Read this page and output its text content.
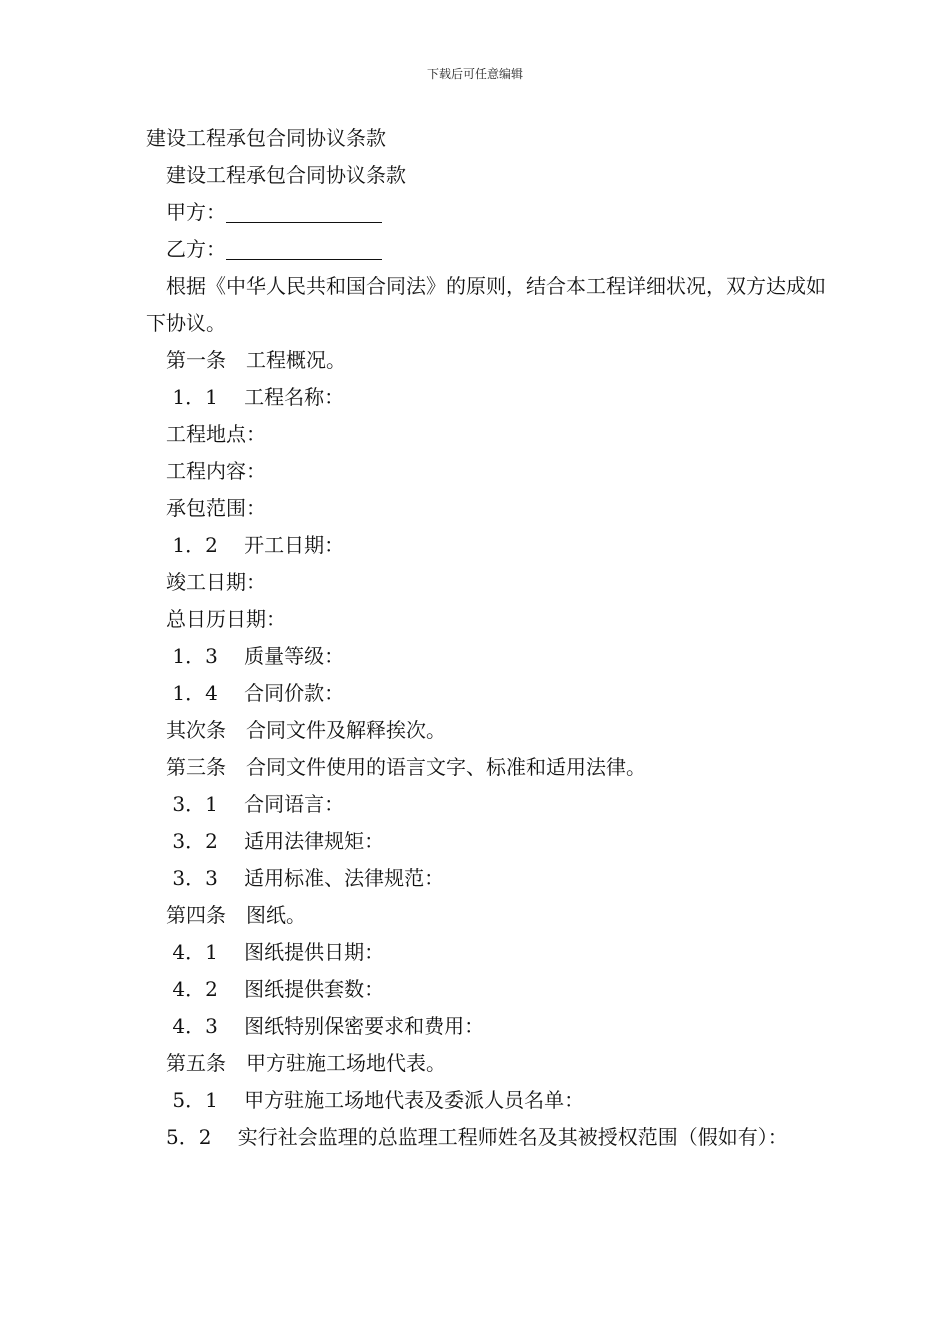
下载后可任意编辑

建设工程承包合同协议条款

建设工程承包合同协议条款

甲方：

乙方：

根据《中华人民共和国合同法》的原则，结合本工程详细状况，双方达成如下协议。

第一条　工程概况。

1．1　 工程名称：

工程地点：

工程内容：

承包范围：

1．2　 开工日期：

竣工日期：

总日历日期：

1．3　 质量等级：

1．4　 合同价款：

其次条　合同文件及解释挨次。

第三条　合同文件使用的语言文字、标准和适用法律。

3．1　 合同语言：

3．2　 适用法律规矩：

3．3　 适用标准、法律规范：

第四条　图纸。

4．1　 图纸提供日期：

4．2　 图纸提供套数：

4．3　 图纸特别保密要求和费用：

第五条　甲方驻施工场地代表。

5．1　 甲方驻施工场地代表及委派人员名单：

5．2　 实行社会监理的总监理工程师姓名及其被授权范围（假如有）：
